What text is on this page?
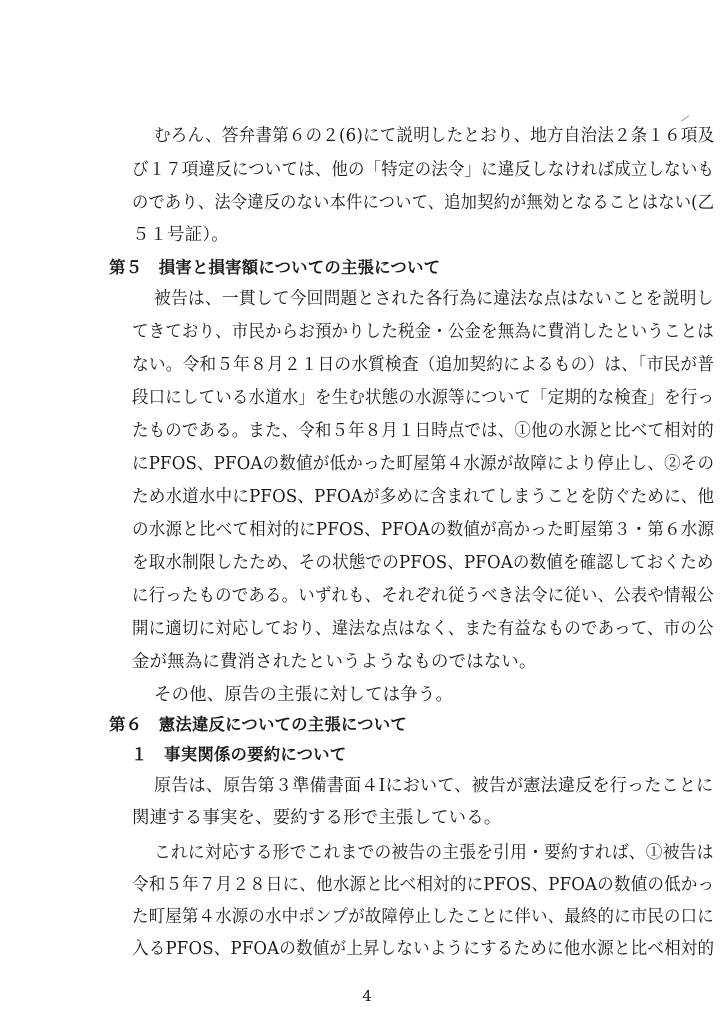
むろん、答弁書第６の２(6)にて説明したとおり、地方自治法２条１６項及
び１７項違反については、他の「特定の法令」に違反しなければ成立しないも
のであり、法令違反のない本件について、追加契約が無効となることはない(乙
５１号証）。
第５　損害と損害額についての主張について
被告は、一貫して今回問題とされた各行為に違法な点はないことを説明し
てきており、市民からお預かりした税金・公金を無為に費消したということは
ない。令和５年８月２１日の水質検査（追加契約によるもの）は、「市民が普
段口にしている水道水」を生む状態の水源等について「定期的な検査」を行っ
たものである。また、令和５年８月１日時点では、①他の水源と比べて相対的
にPFOS、PFOAの数値が低かった町屋第４水源が故障により停止し、②その
ため水道水中にPFOS、PFOAが多めに含まれてしまうことを防ぐために、他
の水源と比べて相対的にPFOS、PFOAの数値が高かった町屋第３・第６水源
を取水制限したため、その状態でのPFOS、PFOAの数値を確認しておくため
に行ったものである。いずれも、それぞれ従うべき法令に従い、公表や情報公
開に適切に対応しており、違法な点はなく、また有益なものであって、市の公
金が無為に費消されたというようなものではない。
その他、原告の主張に対しては争う。
第６　憲法違反についての主張について
１　事実関係の要約について
原告は、原告第３準備書面４Ⅰにおいて、被告が憲法違反を行ったことに
関連する事実を、要約する形で主張している。
これに対応する形でこれまでの被告の主張を引用・要約すれば、①被告は
令和５年７月２８日に、他水源と比べ相対的にPFOS、PFOAの数値の低かっ
た町屋第４水源の水中ポンプが故障停止したことに伴い、最終的に市民の口に
入るPFOS、PFOAの数値が上昇しないようにするために他水源と比べ相対的
4
